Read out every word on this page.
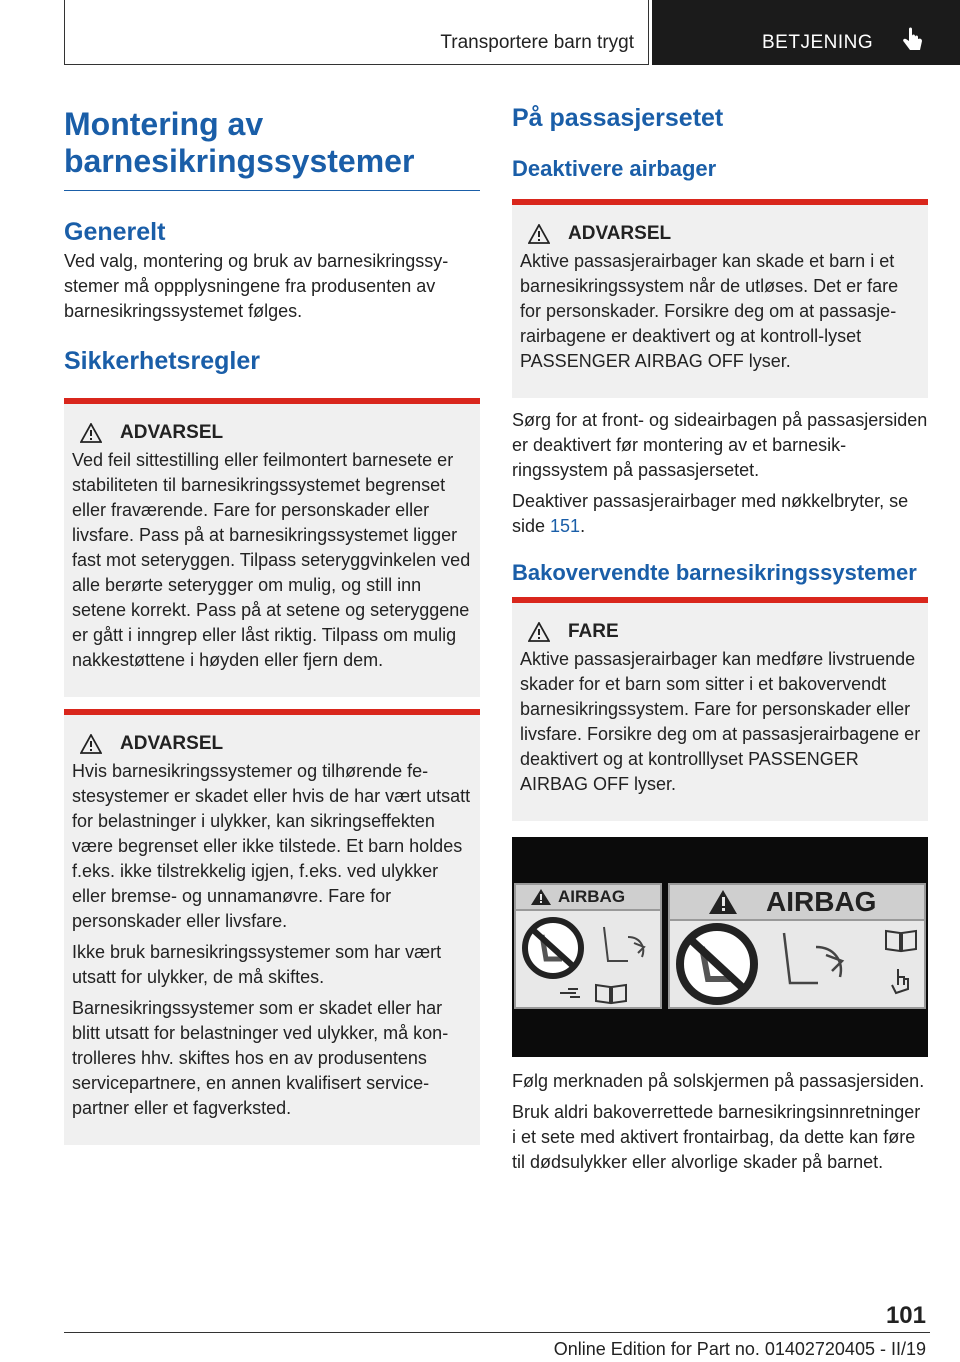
Transportere barn trygt	BETJENING
Montering av barnesikringssystemer
Generelt

Ved valg, montering og bruk av barnesikringssystemer må oppplysningene fra produsenten av barnesikringssystemet følges.

Sikkerhetsregler
ADVARSEL

Ved feil sittestilling eller feilmontert barnesete er stabiliteten til barnesikringssystemet begrenset eller fraværende. Fare for personskader eller livsfare. Pass på at barnesikringssystemet ligger fast mot seteryggen. Tilpass seteryggvinkelen ved alle berørte seterygger om mulig, og still inn setene korrekt. Pass på at setene og seteryggene er gått i inngrep eller låst riktig. Tilpass om mulig nakkestøttene i høyden eller fjern dem.

ADVARSEL

Hvis barnesikringssystemer og tilhørende festesystemer er skadet eller hvis de har vært utsatt for belastninger i ulykker, kan sikringseffekten være begrenset eller ikke tilstede. Et barn holdes f.eks. ikke tilstrekkelig igjen, f.eks. ved ulykker eller bremse- og unnamanøvre. Fare for personskader eller livsfare.

Ikke bruk barnesikringssystemer som har vært utsatt for ulykker, de må skiftes.

Barnesikringssystemer som er skadet eller har blitt utsatt for belastninger ved ulykker, må kontrolleres hhv. skiftes hos en av produsentens servicepartnere, en annen kvalifisert servicepartner eller et fagverksted.

På passasjersetet
Deaktivere airbager
ADVARSEL

Aktive passasjerairbager kan skade et barn i et barnesikringssystem når de utløses. Det er fare for personskader. Forsikre deg om at passasjerairbagene er deaktivert og at kontroll-lyset PASSENGER AIRBAG OFF lyser.

Sørg for at front- og sideairbagen på passasjersiden er deaktivert før montering av et barnesikringssystem på passasjersetet.

Deaktiver passasjerairbager med nøkkelbryter, se side 151.

Bakovervendte barnesikringssystemer
FARE

Aktive passasjerairbager kan medføre livstruende skader for et barn som sitter i et bakovervendt barnesikringssystem. Fare for personskader eller livsfare. Forsikre deg om at passasjerairbagene er deaktivert og at kontrolllyset PASSENGER AIRBAG OFF lyser.

AIRBAG	AIRBAG

Følg merknaden på solskjermen på passasjersiden.

Bruk aldri bakoverrettede barnesikringsinnretninger i et sete med aktivert frontairbag, da dette kan føre til dødsulykker eller alvorlige skader på barnet.

101
Online Edition for Part no. 01402720405 - II/19
